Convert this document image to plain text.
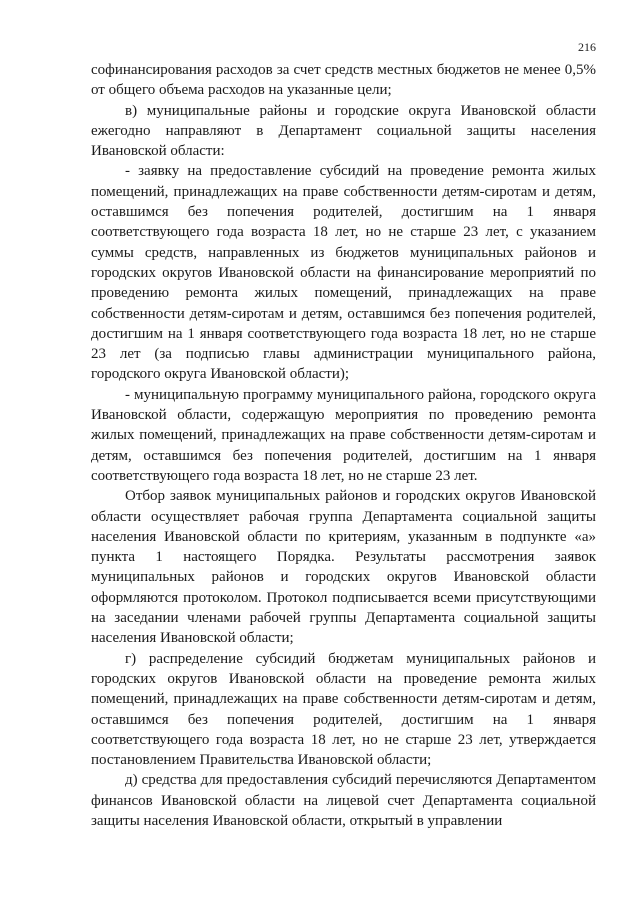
216

софинансирования расходов за счет средств местных бюджетов не менее 0,5% от общего объема расходов на указанные цели;

в) муниципальные районы и городские округа Ивановской области ежегодно направляют в Департамент социальной защиты населения Ивановской области:

- заявку на предоставление субсидий на проведение ремонта жилых помещений, принадлежащих на праве собственности детям-сиротам и детям, оставшимся без попечения родителей, достигшим на 1 января соответствующего года возраста 18 лет, но не старше 23 лет, с указанием суммы средств, направленных из бюджетов муниципальных районов и городских округов Ивановской области на финансирование мероприятий по проведению ремонта жилых помещений, принадлежащих на праве собственности детям-сиротам и детям, оставшимся без попечения родителей, достигшим на 1 января соответствующего года возраста 18 лет, но не старше 23 лет (за подписью главы администрации муниципального района, городского округа Ивановской области);

- муниципальную программу муниципального района, городского округа Ивановской области, содержащую мероприятия по проведению ремонта жилых помещений, принадлежащих на праве собственности детям-сиротам и детям, оставшимся без попечения родителей, достигшим на 1 января соответствующего года возраста 18 лет, но не старше 23 лет.

Отбор заявок муниципальных районов и городских округов Ивановской области осуществляет рабочая группа Департамента социальной защиты населения Ивановской области по критериям, указанным в подпункте «а» пункта 1 настоящего Порядка. Результаты рассмотрения заявок муниципальных районов и городских округов Ивановской области оформляются протоколом. Протокол подписывается всеми присутствующими на заседании членами рабочей группы Департамента социальной защиты населения Ивановской области;

г) распределение субсидий бюджетам муниципальных районов и городских округов Ивановской области на проведение ремонта жилых помещений, принадлежащих на праве собственности детям-сиротам и детям, оставшимся без попечения родителей, достигшим на 1 января соответствующего года возраста 18 лет, но не старше 23 лет, утверждается постановлением Правительства Ивановской области;

д) средства для предоставления субсидий перечисляются Департаментом финансов Ивановской области на лицевой счет Департамента социальной защиты населения Ивановской области, открытый в управлении
